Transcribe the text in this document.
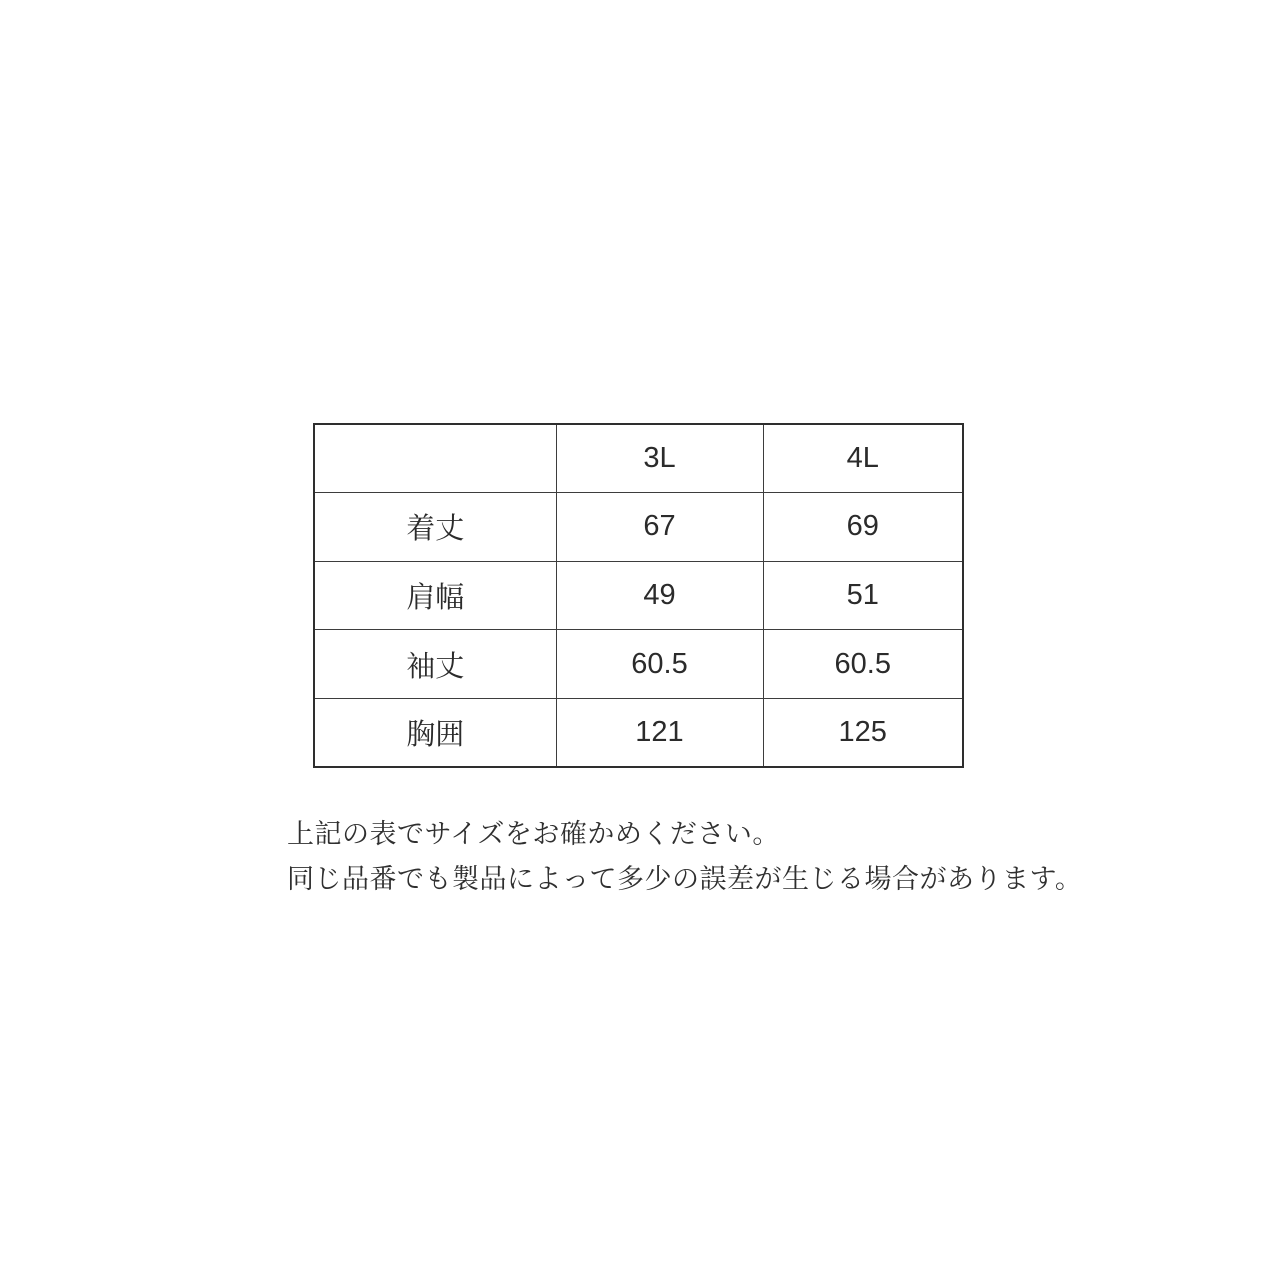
	3L	4L
着丈	67	69
肩幅	49	51
袖丈	60.5	60.5
胸囲	121	125

上記の表でサイズをお確かめください。

同じ品番でも製品によって多少の誤差が生じる場合があります。
